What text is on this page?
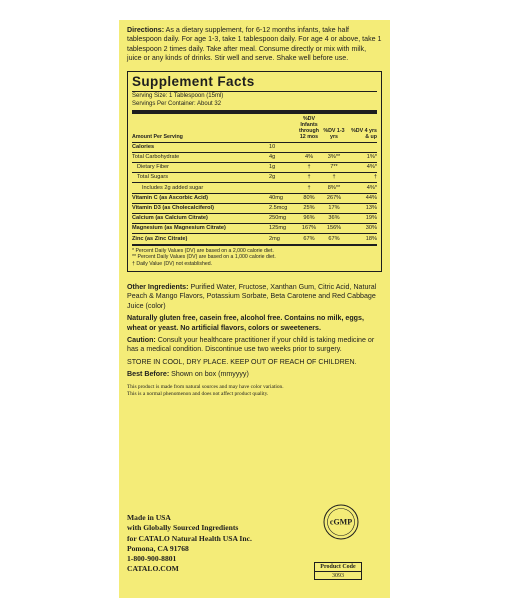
Directions: As a dietary supplement, for 6-12 months infants, take half tablespoon daily. For age 1-3, take 1 tablespoon daily. For age 4 or above, take 1 tablespoon 2 times daily. Take after meal. Consume directly or mix with milk, juice or any kinds of drinks. Stir well and serve. Shake well before use.

Supplement Facts
Serving Size: 1 Tablespoon (15ml)
Servings Per Container: About 32
Amount Per Serving		%DV Infants through 12 mos	%DV 1-3 yrs	%DV 4 yrs & up
Calories	10			
Total Carbohydrate	4g	4%	3%**	1%*
Dietary Fiber	1g	†	7**	4%*
Total Sugars	2g	†	†	†
Includes 2g added sugar		†	8%**	4%*
Vitamin C (as Ascorbic Acid)	40mg	80%	267%	44%
Vitamin D3 (as Cholecalciferol)	2.5mcg	25%	17%	13%
Calcium (as Calcium Citrate)	250mg	96%	36%	19%
Magnesium (as Magnesium Citrate)	125mg	167%	156%	30%
Zinc (as Zinc Citrate)	2mg	67%	67%	18%
* Percent Daily Values (DV) are based on a 2,000 calorie diet.
** Percent Daily Values (DV) are based on a 1,000 calorie diet.
† Daily Value (DV) not established.
Other Ingredients: Purified Water, Fructose, Xanthan Gum, Citric Acid, Natural Peach & Mango Flavors, Potassium Sorbate, Beta Carotene and Red Cabbage Juice (color)
Naturally gluten free, casein free, alcohol free. Contains no milk, eggs, wheat or yeast. No artificial flavors, colors or sweeteners.
Caution: Consult your healthcare practitioner if your child is taking medicine or has a medical condition. Discontinue use two weeks prior to surgery.
STORE IN COOL, DRY PLACE. KEEP OUT OF REACH OF CHILDREN.
Best Before: Shown on box (mmyyyy)
This product is made from natural sources and may have color variation.
This is a normal phenomenon and does not affect product quality.
Made in USA
with Globally Sourced Ingredients
for CATALO Natural Health USA Inc.
Pomona, CA 91768
1-800-900-8801
CATALO.COM
cGMP
Product Code
3093
